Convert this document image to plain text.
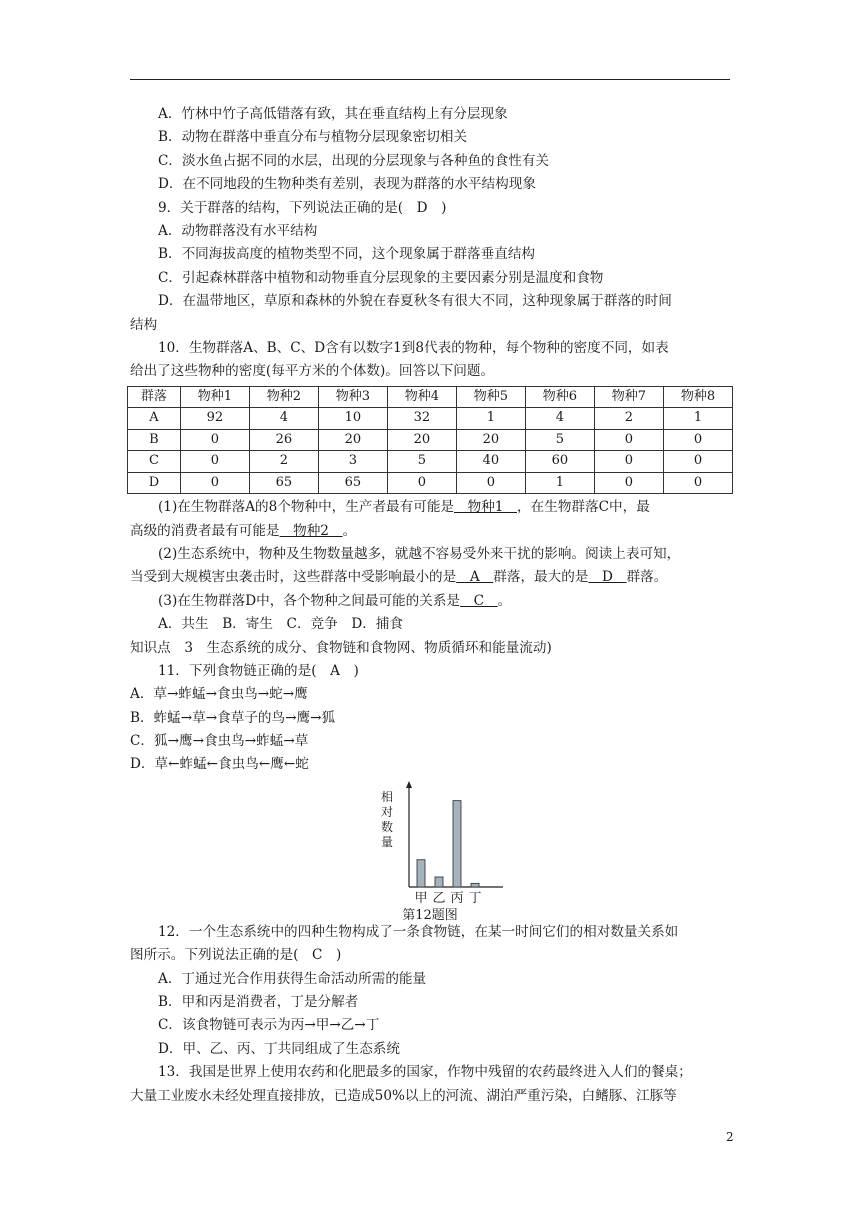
A．竹林中竹子高低错落有致，其在垂直结构上有分层现象
B．动物在群落中垂直分布与植物分层现象密切相关
C．淡水鱼占据不同的水层，出现的分层现象与各种鱼的食性有关
D．在不同地段的生物种类有差别，表现为群落的水平结构现象
9．关于群落的结构，下列说法正确的是(　D　)
A．动物群落没有水平结构
B．不同海拔高度的植物类型不同，这个现象属于群落垂直结构
C．引起森林群落中植物和动物垂直分层现象的主要因素分别是温度和食物
D．在温带地区，草原和森林的外貌在春夏秋冬有很大不同，这种现象属于群落的时间
结构
10．生物群落A、B、C、D含有以数字1到8代表的物种，每个物种的密度不同，如表
给出了这些物种的密度(每平方米的个体数)。回答以下问题。
群落	物种1	物种2	物种3	物种4	物种5	物种6	物种7	物种8
A	92	4	10	32	1	4	2	1
B	0	26	20	20	20	5	0	0
C	0	2	3	5	40	60	0	0
D	0	65	65	0	0	1	0	0
(1)在生物群落A的8个物种中，生产者最有可能是　物种1　，在生物群落C中，最
高级的消费者最有可能是　物种2　。
(2)生态系统中，物种及生物数量越多，就越不容易受外来干扰的影响。阅读上表可知，
当受到大规模害虫袭击时，这些群落中受影响最小的是　A　群落，最大的是　D　群落。
(3)在生物群落D中，各个物种之间最可能的关系是　C　。
A．共生　B．寄生　C．竞争　D．捕食
知识点　3　生态系统的成分、食物链和食物网、物质循环和能量流动)
11．下列食物链正确的是(　A　)
A．草→蚱蜢→食虫鸟→蛇→鹰
B．蚱蜢→草→食草子的鸟→鹰→狐
C．狐→鹰→食虫鸟→蚱蜢→草
D．草←蚱蜢←食虫鸟←鹰←蛇
相
对
数
量
甲 乙 丙 丁
第12题图
12．一个生态系统中的四种生物构成了一条食物链，在某一时间它们的相对数量关系如
图所示。下列说法正确的是(　C　)
A．丁通过光合作用获得生命活动所需的能量
B．甲和丙是消费者，丁是分解者
C．该食物链可表示为丙→甲→乙→丁
D．甲、乙、丙、丁共同组成了生态系统
13．我国是世界上使用农药和化肥最多的国家，作物中残留的农药最终进入人们的餐桌；
大量工业废水未经处理直接排放，已造成50%以上的河流、湖泊严重污染，白鳍豚、江豚等
2
